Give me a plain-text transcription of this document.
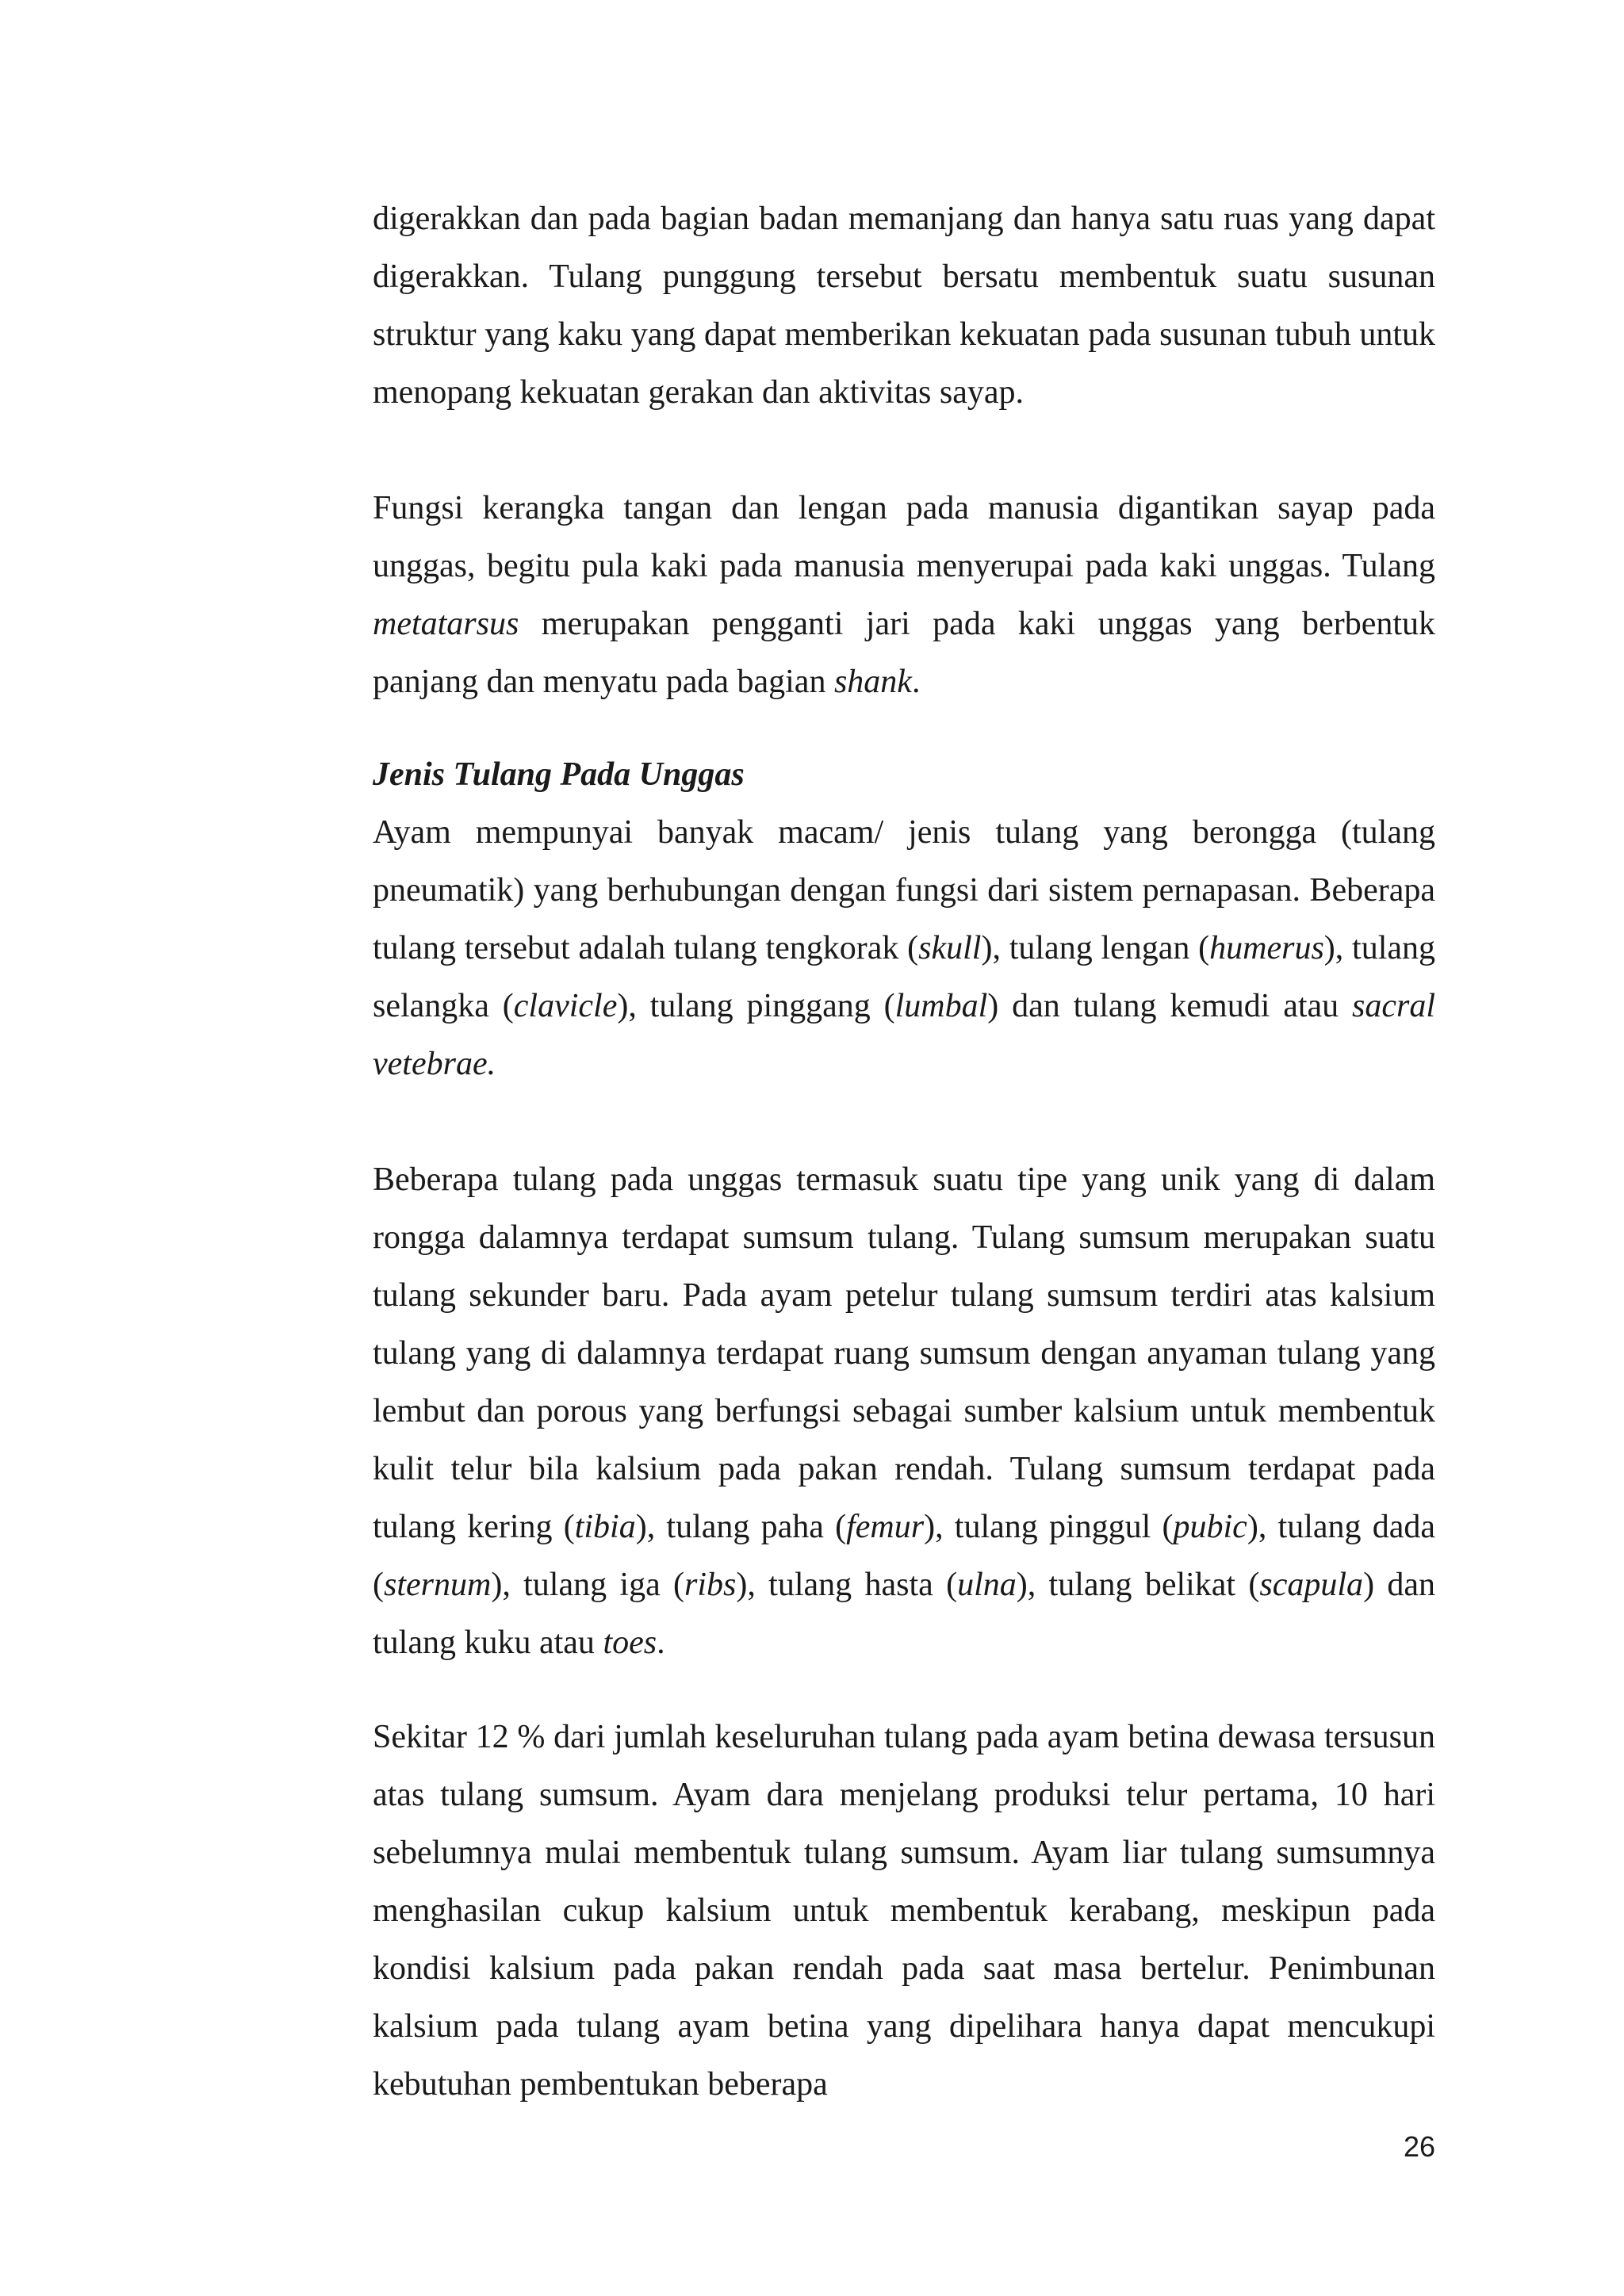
digerakkan dan pada bagian badan memanjang dan hanya satu ruas yang dapat digerakkan. Tulang punggung tersebut bersatu membentuk suatu susunan struktur yang kaku yang dapat memberikan kekuatan pada susunan tubuh untuk menopang kekuatan gerakan dan aktivitas sayap.

Fungsi kerangka tangan dan lengan pada manusia digantikan sayap pada unggas, begitu pula kaki pada manusia menyerupai pada kaki unggas. Tulang metatarsus merupakan pengganti jari pada kaki unggas yang berbentuk panjang dan menyatu pada bagian shank.

Jenis Tulang Pada Unggas

Ayam mempunyai banyak macam/ jenis tulang yang berongga (tulang pneumatik) yang berhubungan dengan fungsi dari sistem pernapasan. Beberapa tulang tersebut adalah tulang tengkorak (skull), tulang lengan (humerus), tulang selangka (clavicle), tulang pinggang (lumbal) dan tulang kemudi atau sacral vetebrae.

Beberapa tulang pada unggas termasuk suatu tipe yang unik yang di dalam rongga dalamnya terdapat sumsum tulang. Tulang sumsum merupakan suatu tulang sekunder baru. Pada ayam petelur tulang sumsum terdiri atas kalsium tulang yang di dalamnya terdapat ruang sumsum dengan anyaman tulang yang lembut dan porous yang berfungsi sebagai sumber kalsium untuk membentuk kulit telur bila kalsium pada pakan rendah. Tulang sumsum terdapat pada tulang kering (tibia), tulang paha (femur), tulang pinggul (pubic), tulang dada (sternum), tulang iga (ribs), tulang hasta (ulna), tulang belikat (scapula) dan tulang kuku atau toes.

Sekitar 12 % dari jumlah keseluruhan tulang pada ayam betina dewasa tersusun atas tulang sumsum. Ayam dara menjelang produksi telur pertama, 10 hari sebelumnya mulai membentuk tulang sumsum. Ayam liar tulang sumsumnya menghasilan cukup kalsium untuk membentuk kerabang, meskipun pada kondisi kalsium pada pakan rendah pada saat masa bertelur. Penimbunan kalsium pada tulang ayam betina yang dipelihara hanya dapat mencukupi kebutuhan pembentukan beberapa

26
